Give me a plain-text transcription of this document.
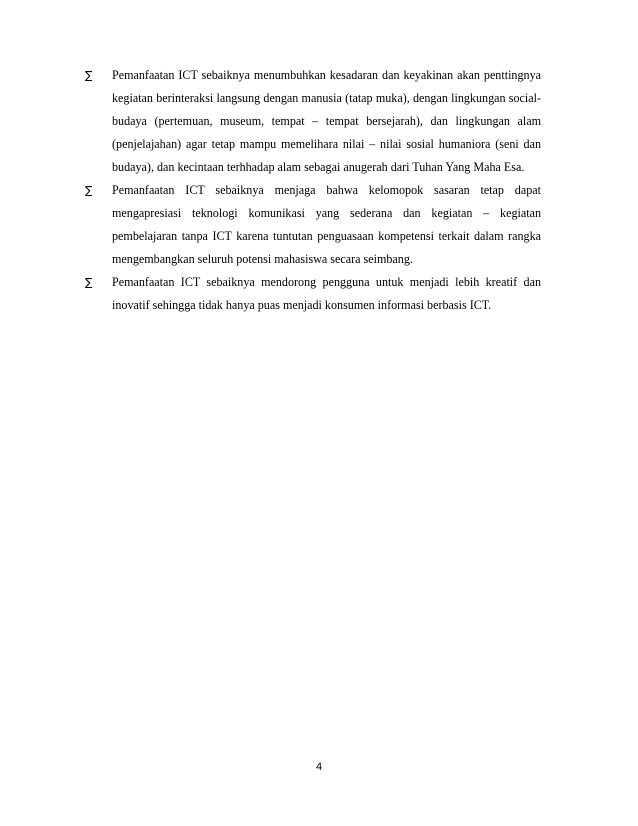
∑ Pemanfaatan ICT sebaiknya menumbuhkan kesadaran dan keyakinan akan penttingnya kegiatan berinteraksi langsung dengan manusia (tatap muka), dengan lingkungan social-budaya (pertemuan, museum, tempat – tempat bersejarah), dan lingkungan alam (penjelajahan) agar tetap mampu memelihara nilai – nilai sosial humaniora (seni dan budaya), dan kecintaan terhhadap alam sebagai anugerah dari Tuhan Yang Maha Esa.
∑ Pemanfaatan ICT sebaiknya menjaga bahwa kelomopok sasaran tetap dapat mengapresiasi teknologi komunikasi yang sederana dan kegiatan – kegiatan pembelajaran tanpa ICT karena tuntutan penguasaan kompetensi terkait dalam rangka mengembangkan seluruh potensi mahasiswa secara seimbang.
∑ Pemanfaatan ICT sebaiknya mendorong pengguna untuk menjadi lebih kreatif dan inovatif sehingga tidak hanya puas menjadi konsumen informasi berbasis ICT.
4
